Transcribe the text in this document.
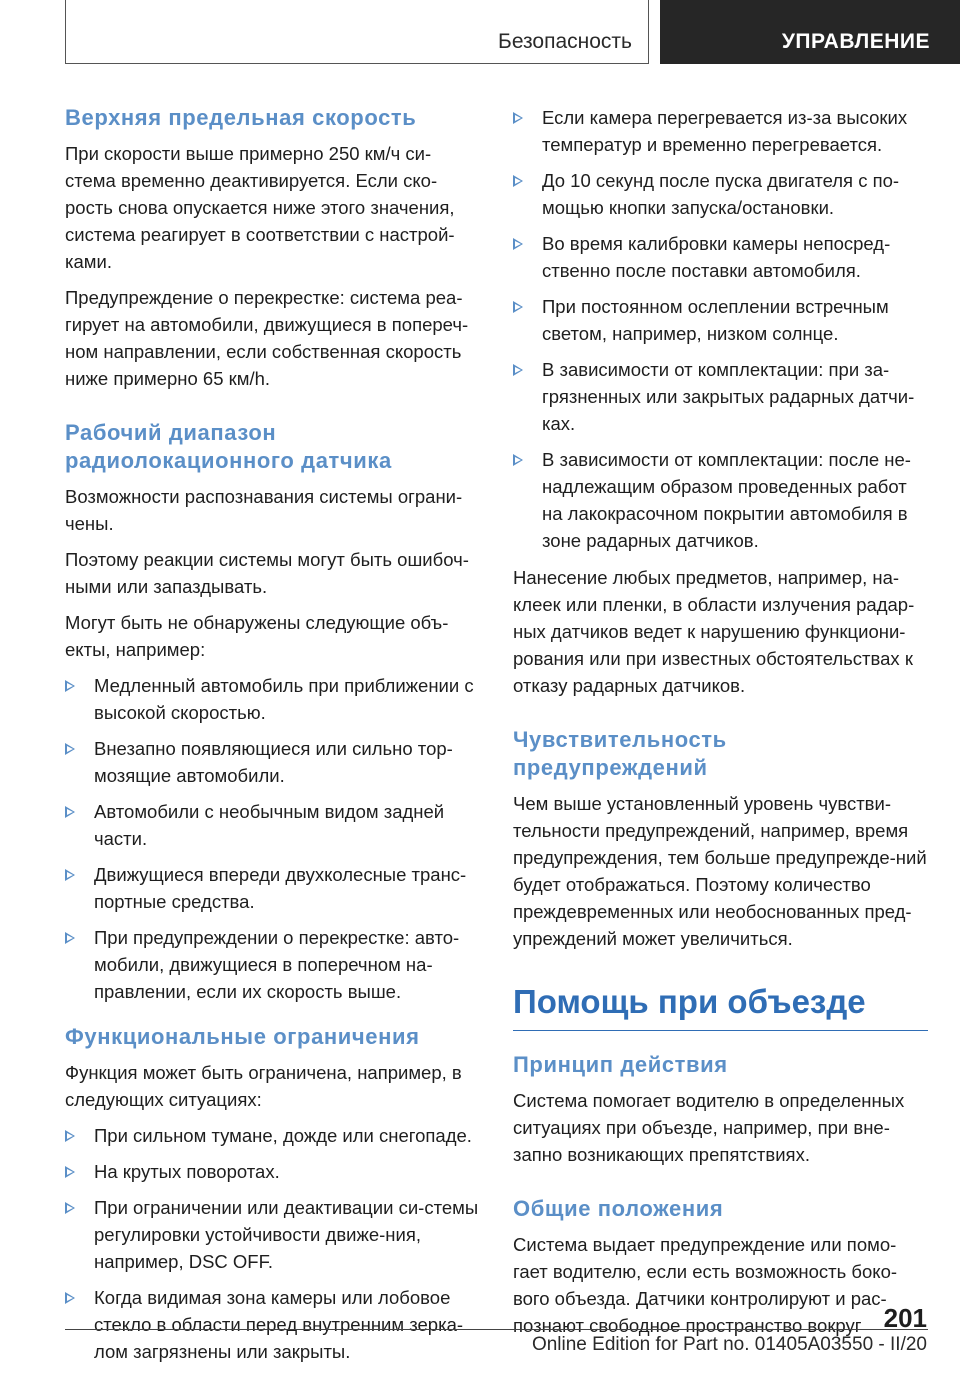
Безопасность	УПРАВЛЕНИЕ
Верхняя предельная скорость

При скорости выше примерно 250 км/ч си-стема временно деактивируется. Если ско-рость снова опускается ниже этого значения, система реагирует в соответствии с настрой-ками.

Предупреждение о перекрестке: система реа-гирует на автомобили, движущиеся в попереч-ном направлении, если собственная скорость ниже примерно 65 км/h.

Рабочий диапазон радиолокационного датчика

Возможности распознавания системы ограни-чены.

Поэтому реакции системы могут быть ошибоч-ными или запаздывать.

Могут быть не обнаружены следующие объ-екты, например:

Медленный автомобиль при приближении с высокой скоростью.
Внезапно появляющиеся или сильно тор-мозящие автомобили.
Автомобили с необычным видом задней части.
Движущиеся впереди двухколесные транс-портные средства.
При предупреждении о перекрестке: авто-мобили, движущиеся в поперечном на-правлении, если их скорость выше.
Функциональные ограничения

Функция может быть ограничена, например, в следующих ситуациях:

При сильном тумане, дожде или снегопаде.
На крутых поворотах.
При ограничении или деактивации си-стемы регулировки устойчивости движе-ния, например, DSC OFF.
Когда видимая зона камеры или лобовое стекло в области перед внутренним зерка-лом загрязнены или закрыты.
Если камера перегревается из-за высоких температур и временно перегревается.
До 10 секунд после пуска двигателя с по-мощью кнопки запуска/остановки.
Во время калибровки камеры непосред-ственно после поставки автомобиля.
При постоянном ослеплении встречным светом, например, низком солнце.
В зависимости от комплектации: при за-грязненных или закрытых радарных датчи-ках.
В зависимости от комплектации: после не-надлежащим образом проведенных работ на лакокрасочном покрытии автомобиля в зоне радарных датчиков.

Нанесение любых предметов, например, на-клеек или пленки, в области излучения радар-ных датчиков ведет к нарушению функциони-рования или при известных обстоятельствах к отказу радарных датчиков.

Чувствительность предупреждений

Чем выше установленный уровень чувстви-тельности предупреждений, например, время предупреждения, тем больше предупрежде-ний будет отображаться. Поэтому количество преждевременных или необоснованных пред-упреждений может увеличиться.

Помощь при объезде
Принцип действия

Система помогает водителю в определенных ситуациях при объезде, например, при вне-запно возникающих препятствиях.

Общие положения

Система выдает предупреждение или помо-гает водителю, если есть возможность боко-вого объезда. Датчики контролируют и рас-познают свободное пространство вокруг 201
Online Edition for Part no. 01405A03550 - II/20
